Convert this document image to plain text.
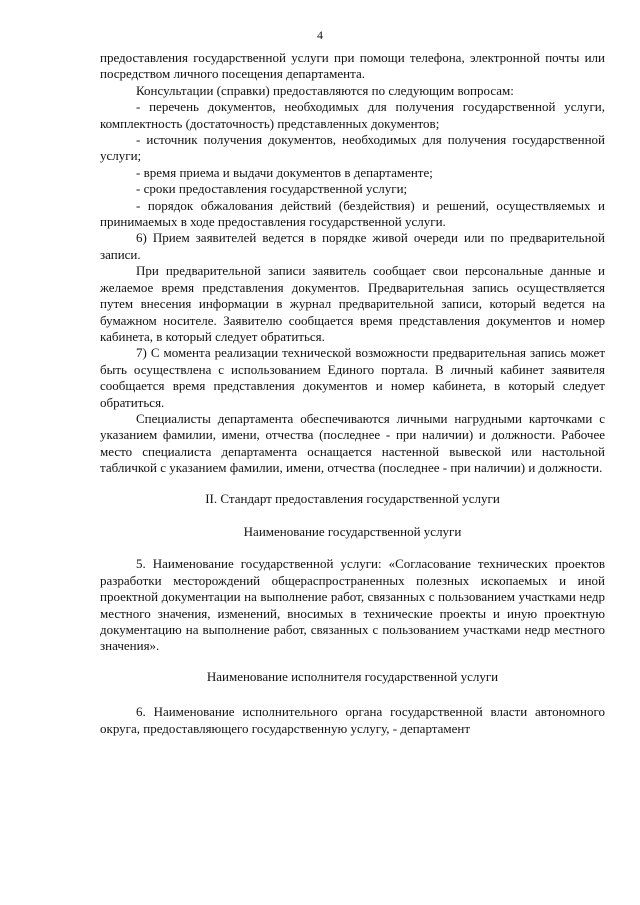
4

предоставления государственной услуги при помощи телефона, электронной почты или посредством личного посещения департамента.

Консультации (справки) предоставляются по следующим вопросам:

- перечень документов, необходимых для получения государственной услуги, комплектность (достаточность) представленных документов;

- источник получения документов, необходимых для получения государственной услуги;

- время приема и выдачи документов в департаменте;

- сроки предоставления государственной услуги;

- порядок обжалования действий (бездействия) и решений, осуществляемых и принимаемых в ходе предоставления государственной услуги.

6) Прием заявителей ведется в порядке живой очереди или по предварительной записи.

При предварительной записи заявитель сообщает свои персональные данные и желаемое время представления документов. Предварительная запись осуществляется путем внесения информации в журнал предварительной записи, который ведется на бумажном носителе. Заявителю сообщается время представления документов и номер кабинета, в который следует обратиться.

7) С момента реализации технической возможности предварительная запись может быть осуществлена с использованием Единого портала. В личный кабинет заявителя сообщается время представления документов и номер кабинета, в который следует обратиться.

Специалисты департамента обеспечиваются личными нагрудными карточками с указанием фамилии, имени, отчества (последнее - при наличии) и должности. Рабочее место специалиста департамента оснащается настенной вывеской или настольной табличкой с указанием фамилии, имени, отчества (последнее - при наличии) и должности.

II. Стандарт предоставления государственной услуги

Наименование государственной услуги

5. Наименование государственной услуги: «Согласование технических проектов разработки месторождений общераспространенных полезных ископаемых и иной проектной документации на выполнение работ, связанных с пользованием участками недр местного значения, изменений, вносимых в технические проекты и иную проектную документацию на выполнение работ, связанных с пользованием участками недр местного значения».

Наименование исполнителя государственной услуги

6. Наименование исполнительного органа государственной власти автономного округа, предоставляющего государственную услугу, - департамент
